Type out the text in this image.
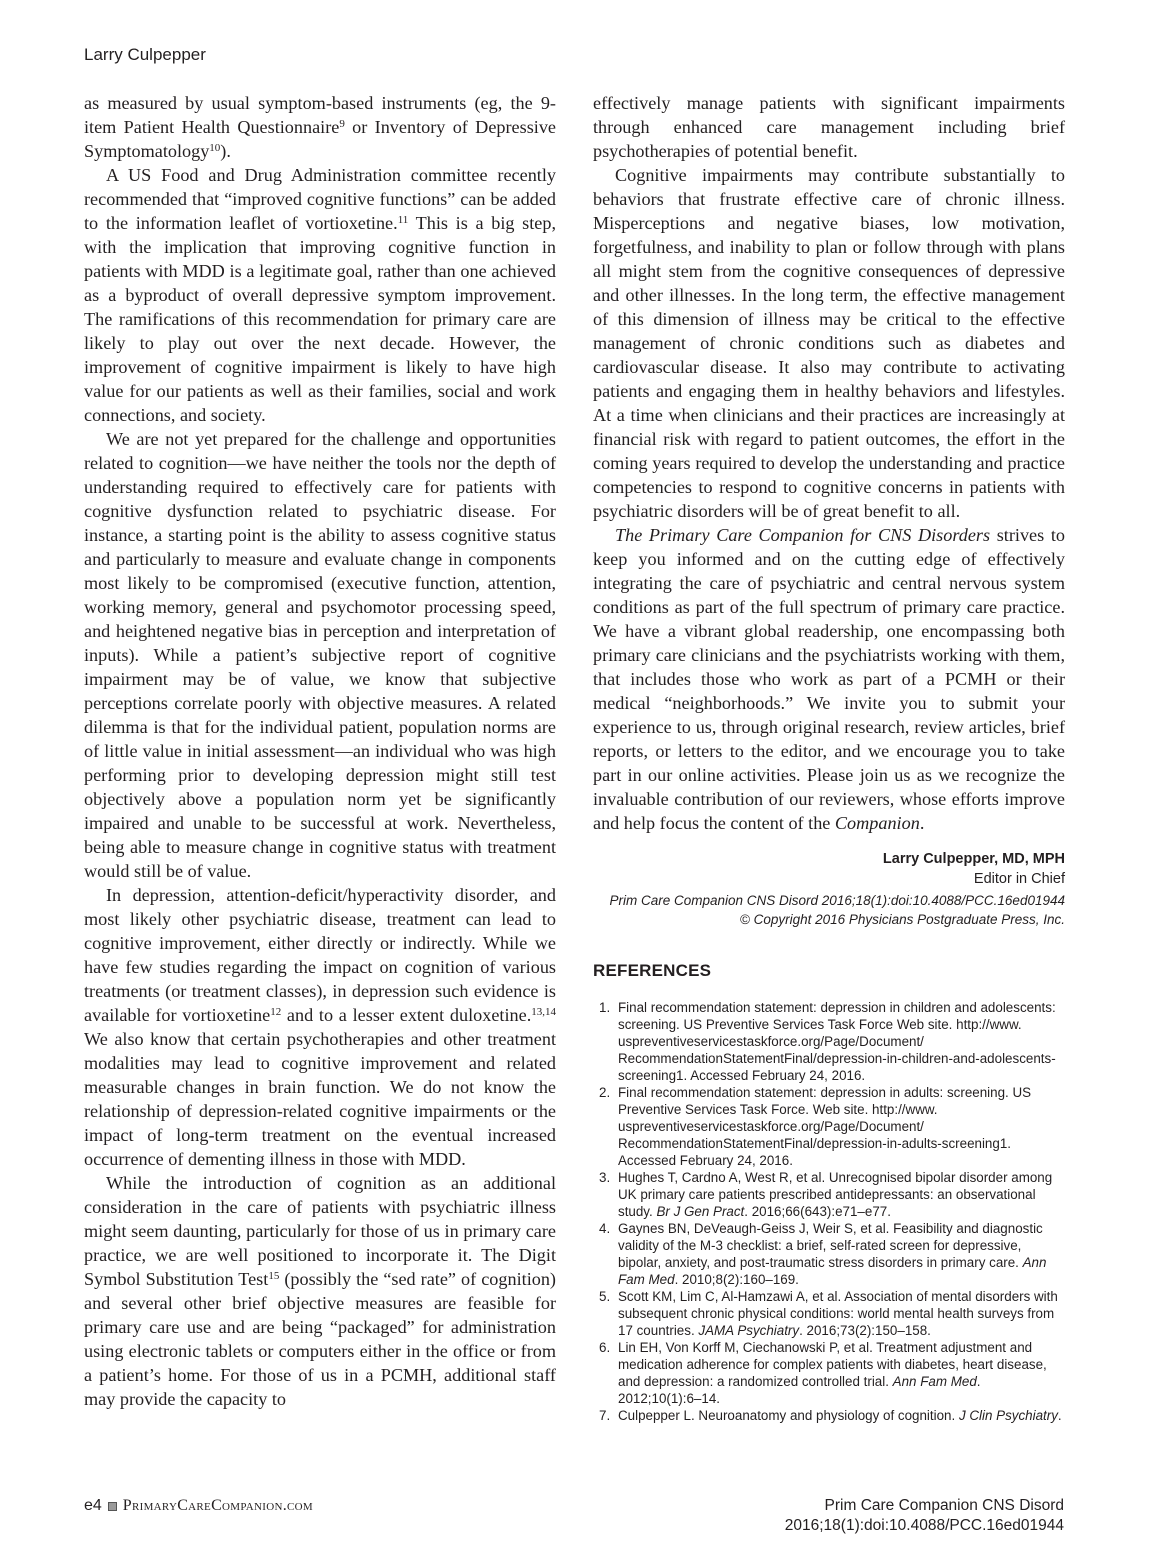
Larry Culpepper

as measured by usual symptom-based instruments (eg, the 9-item Patient Health Questionnaire$^9$ or Inventory of Depressive Symptomatology$^{10}$).

A US Food and Drug Administration committee recently recommended that “improved cognitive functions” can be added to the information leaflet of vortioxetine.$^{11}$ This is a big step, with the implication that improving cognitive function in patients with MDD is a legitimate goal, rather than one achieved as a byproduct of overall depressive symptom improvement. The ramifications of this recommendation for primary care are likely to play out over the next decade. However, the improvement of cognitive impairment is likely to have high value for our patients as well as their families, social and work connections, and society.

We are not yet prepared for the challenge and opportunities related to cognition—we have neither the tools nor the depth of understanding required to effectively care for patients with cognitive dysfunction related to psychiatric disease. For instance, a starting point is the ability to assess cognitive status and particularly to measure and evaluate change in components most likely to be compromised (executive function, attention, working memory, general and psychomotor processing speed, and heightened negative bias in perception and interpretation of inputs). While a patient’s subjective report of cognitive impairment may be of value, we know that subjective perceptions correlate poorly with objective measures. A related dilemma is that for the individual patient, population norms are of little value in initial assessment—an individual who was high performing prior to developing depression might still test objectively above a population norm yet be significantly impaired and unable to be successful at work. Nevertheless, being able to measure change in cognitive status with treatment would still be of value.

In depression, attention-deficit/hyperactivity disorder, and most likely other psychiatric disease, treatment can lead to cognitive improvement, either directly or indirectly. While we have few studies regarding the impact on cognition of various treatments (or treatment classes), in depression such evidence is available for vortioxetine$^{12}$ and to a lesser extent duloxetine.$^{13,14}$ We also know that certain psychotherapies and other treatment modalities may lead to cognitive improvement and related measurable changes in brain function. We do not know the relationship of depression-related cognitive impairments or the impact of long-term treatment on the eventual increased occurrence of dementing illness in those with MDD.

While the introduction of cognition as an additional consideration in the care of patients with psychiatric illness might seem daunting, particularly for those of us in primary care practice, we are well positioned to incorporate it. The Digit Symbol Substitution Test$^{15}$ (possibly the “sed rate” of cognition) and several other brief objective measures are feasible for primary care use and are being “packaged” for administration using electronic tablets or computers either in the office or from a patient’s home. For those of us in a PCMH, additional staff may provide the capacity to

effectively manage patients with significant impairments through enhanced care management including brief psychotherapies of potential benefit.

Cognitive impairments may contribute substantially to behaviors that frustrate effective care of chronic illness. Misperceptions and negative biases, low motivation, forgetfulness, and inability to plan or follow through with plans all might stem from the cognitive consequences of depressive and other illnesses. In the long term, the effective management of this dimension of illness may be critical to the effective management of chronic conditions such as diabetes and cardiovascular disease. It also may contribute to activating patients and engaging them in healthy behaviors and lifestyles. At a time when clinicians and their practices are increasingly at financial risk with regard to patient outcomes, the effort in the coming years required to develop the understanding and practice competencies to respond to cognitive concerns in patients with psychiatric disorders will be of great benefit to all.

The Primary Care Companion for CNS Disorders strives to keep you informed and on the cutting edge of effectively integrating the care of psychiatric and central nervous system conditions as part of the full spectrum of primary care practice. We have a vibrant global readership, one encompassing both primary care clinicians and the psychiatrists working with them, that includes those who work as part of a PCMH or their medical “neighborhoods.” We invite you to submit your experience to us, through original research, review articles, brief reports, or letters to the editor, and we encourage you to take part in our online activities. Please join us as we recognize the invaluable contribution of our reviewers, whose efforts improve and help focus the content of the Companion.

Larry Culpepper, MD, MPH
Editor in Chief
Prim Care Companion CNS Disord 2016;18(1):doi:10.4088/PCC.16ed01944
© Copyright 2016 Physicians Postgraduate Press, Inc.
REFERENCES
1. Final recommendation statement: depression in children and adolescents: screening. US Preventive Services Task Force Web site. http://www.​uspreventiveservicestaskforce.org/Page/Document/​RecommendationStatementFinal/depression-in-children-and-​adolescents-screening1. Accessed February 24, 2016.
2. Final recommendation statement: depression in adults: screening. US Preventive Services Task Force. Web site. http://www.​uspreventiveservicestaskforce.org/Page/Document/​RecommendationStatementFinal/depression-in-adults-screening1. Accessed February 24, 2016.
3. Hughes T, Cardno A, West R, et al. Unrecognised bipolar disorder among UK primary care patients prescribed antidepressants: an observational study. Br J Gen Pract. 2016;66(643):e71–e77.
4. Gaynes BN, DeVeaugh-Geiss J, Weir S, et al. Feasibility and diagnostic validity of the M-3 checklist: a brief, self-rated screen for depressive, bipolar, anxiety, and post-traumatic stress disorders in primary care. Ann Fam Med. 2010;8(2):160–169.
5. Scott KM, Lim C, Al-Hamzawi A, et al. Association of mental disorders with subsequent chronic physical conditions: world mental health surveys from 17 countries. JAMA Psychiatry. 2016;73(2):150–158.
6. Lin EH, Von Korff M, Ciechanowski P, et al. Treatment adjustment and medication adherence for complex patients with diabetes, heart disease, and depression: a randomized controlled trial. Ann Fam Med. 2012;10(1):6–14.
7. Culpepper L. Neuroanatomy and physiology of cognition. J Clin Psychiatry.
e4 PrimaryCareCompanion.com	Prim Care Companion CNS Disord
2016;18(1):doi:10.4088/PCC.16ed01944
